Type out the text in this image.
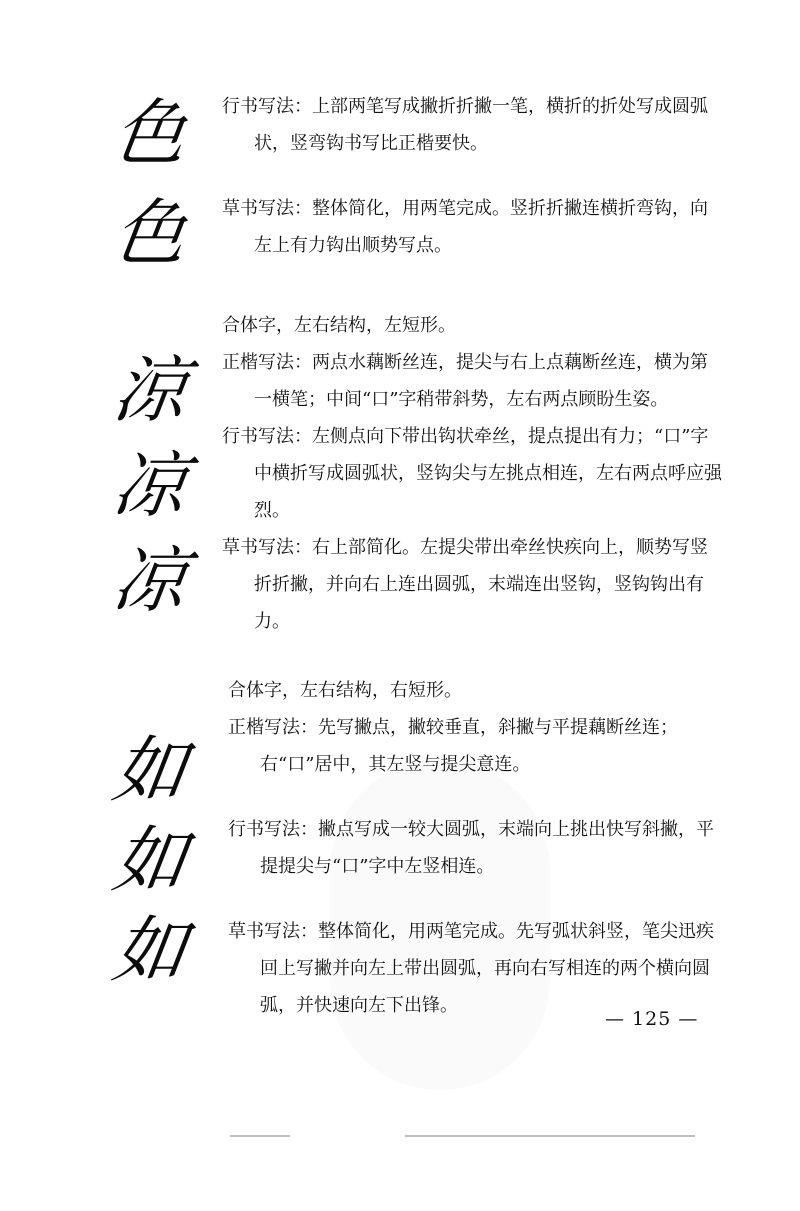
色
色

行书写法：上部两笔写成撇折折撇一笔，横折的折处写成圆弧状，竖弯钩书写比正楷要快。

草书写法：整体简化，用两笔完成。竖折折撇连横折弯钩，向左上有力钩出顺势写点。

涼
凉
凉

合体字，左右结构，左短形。

正楷写法：两点水藕断丝连，提尖与右上点藕断丝连，横为第一横笔；中间“口”字稍带斜势，左右两点顾盼生姿。

行书写法：左侧点向下带出钩状牵丝，提点提出有力；“口”字中横折写成圆弧状，竖钩尖与左挑点相连，左右两点呼应强烈。

草书写法：右上部简化。左提尖带出牵丝快疾向上，顺势写竖折折撇，并向右上连出圆弧，末端连出竖钩，竖钩钩出有力。

如
如
如

合体字，左右结构，右短形。

正楷写法：先写撇点，撇较垂直，斜撇与平提藕断丝连；右“口”居中，其左竖与提尖意连。

行书写法：撇点写成一较大圆弧，末端向上挑出快写斜撇，平提提尖与“口”字中左竖相连。

草书写法：整体简化，用两笔完成。先写弧状斜竖，笔尖迅疾回上写撇并向左上带出圆弧，再向右写相连的两个横向圆弧，并快速向左下出锋。

— 125 —
